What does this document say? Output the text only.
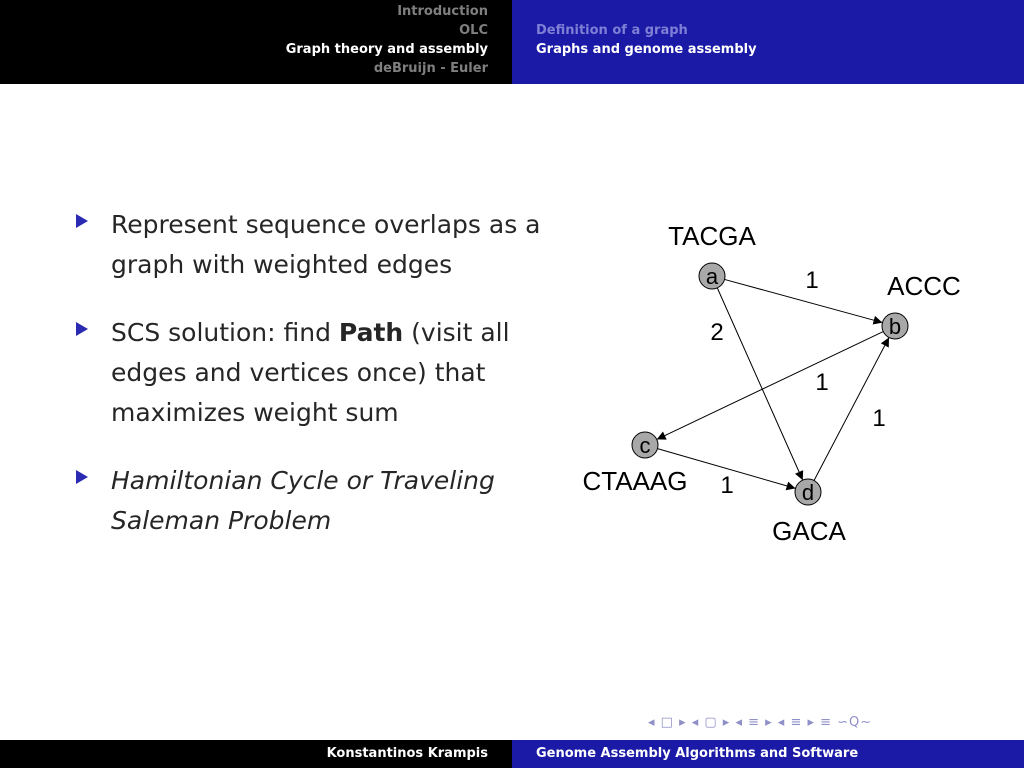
Introduction
OLC
Graph theory and assembly
deBruijn - Euler
Definition of a graph
Graphs and genome assembly
Represent sequence overlaps as a graph with weighted edges
SCS solution: find Path (visit all edges and vertices once) that maximizes weight sum
Hamiltonian Cycle or Traveling Saleman Problem
1
2
1
1
1
a
TACGA
b
ACCC
c
CTAAAG	d
GACA
◂ □ ▸ ◂ ▢ ▸ ◂ ≡ ▸ ◂ ≡ ▸ ≡ ∽Q∼
Konstantinos Krampis	Genome Assembly Algorithms and Software
